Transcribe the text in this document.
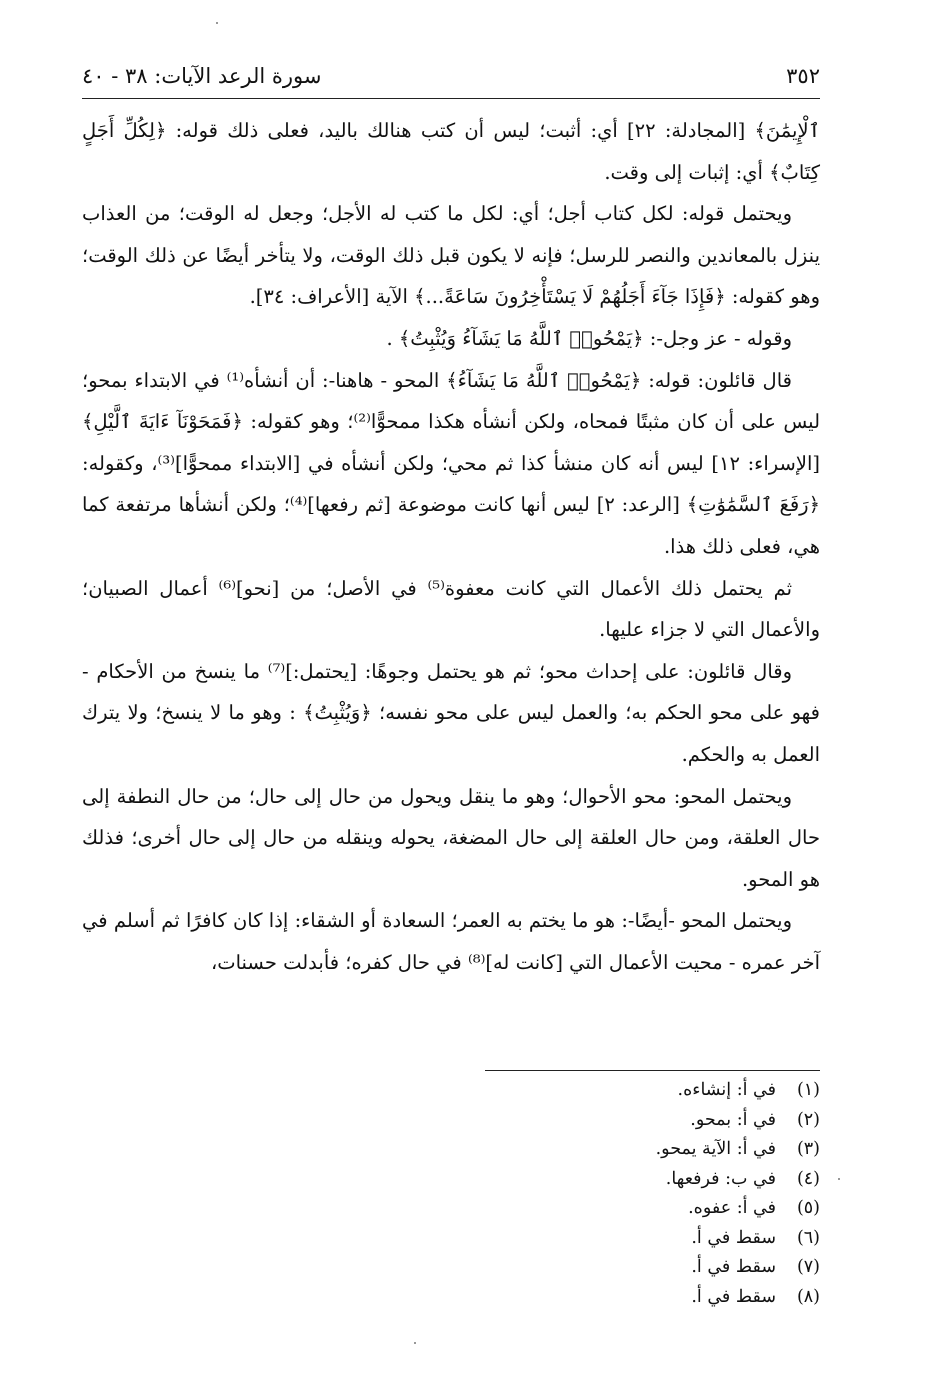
٣٥٢
سورة الرعد الآيات: ٣٨ - ٤٠

ٱلْإِيمَٰنَ﴾ [المجادلة: ٢٢] أي: أثبت؛ ليس أن كتب هنالك باليد، فعلى ذلك قوله: ﴿لِكُلِّ أَجَلٍ كِتَابٌ﴾ أي: إثبات إلى وقت.

ويحتمل قوله: لكل كتاب أجل؛ أي: لكل ما كتب له الأجل؛ وجعل له الوقت؛ من العذاب ينزل بالمعاندين والنصر للرسل؛ فإنه لا يكون قبل ذلك الوقت، ولا يتأخر أيضًا عن ذلك الوقت؛ وهو كقوله: ﴿فَإِذَا جَآءَ أَجَلُهُمْ لَا يَسْتَأْخِرُونَ سَاعَةً...﴾ الآية [الأعراف: ٣٤].

وقوله - عز وجل-: ﴿يَمْحُوا۟ ٱللَّهُ مَا يَشَآءُ وَيُثْبِتُ﴾ .

قال قائلون: قوله: ﴿يَمْحُوا۟ ٱللَّهُ مَا يَشَآءُ﴾ المحو - هاهنا-: أن أنشأه⁽¹⁾ في الابتداء بمحو؛ ليس على أن كان مثبتًا فمحاه، ولكن أنشأه هكذا ممحوًّا⁽²⁾؛ وهو كقوله: ﴿فَمَحَوْنَآ ءَايَةَ ٱلَّيْلِ﴾ [الإسراء: ١٢] ليس أنه كان منشأ كذا ثم محي؛ ولكن أنشأه في [الابتداء ممحوًّا]⁽³⁾، وكقوله: ﴿رَفَعَ ٱلسَّمَٰوَٰتِ﴾ [الرعد: ٢] ليس أنها كانت موضوعة [ثم رفعها]⁽⁴⁾؛ ولكن أنشأها مرتفعة كما هي، فعلى ذلك هذا.

ثم يحتمل ذلك الأعمال التي كانت معفوة⁽⁵⁾ في الأصل؛ من [نحو]⁽⁶⁾ أعمال الصبيان؛ والأعمال التي لا جزاء عليها.

وقال قائلون: على إحداث محو؛ ثم هو يحتمل وجوهًا: [يحتمل:]⁽⁷⁾ ما ينسخ من الأحكام - فهو على محو الحكم به؛ والعمل ليس على محو نفسه؛ ﴿وَيُثْبِتُ﴾ : وهو ما لا ينسخ؛ ولا يترك العمل به والحكم.

ويحتمل المحو: محو الأحوال؛ وهو ما ينقل ويحول من حال إلى حال؛ من حال النطفة إلى حال العلقة، ومن حال العلقة إلى حال المضغة، يحوله وينقله من حال إلى حال أخرى؛ فذلك هو المحو.

ويحتمل المحو -أيضًا-: هو ما يختم به العمر؛ السعادة أو الشقاء: إذا كان كافرًا ثم أسلم في آخر عمره - محيت الأعمال التي [كانت له]⁽⁸⁾ في حال كفره؛ فأبدلت حسنات،

(١)في أ: إنشاءه.
(٢)في أ: بمحو.
(٣)في أ: الآية يمحو.
(٤)في ب: فرفعها.
(٥)في أ: عفوه.
(٦)سقط في أ.
(٧)سقط في أ.
(٨)سقط في أ.
